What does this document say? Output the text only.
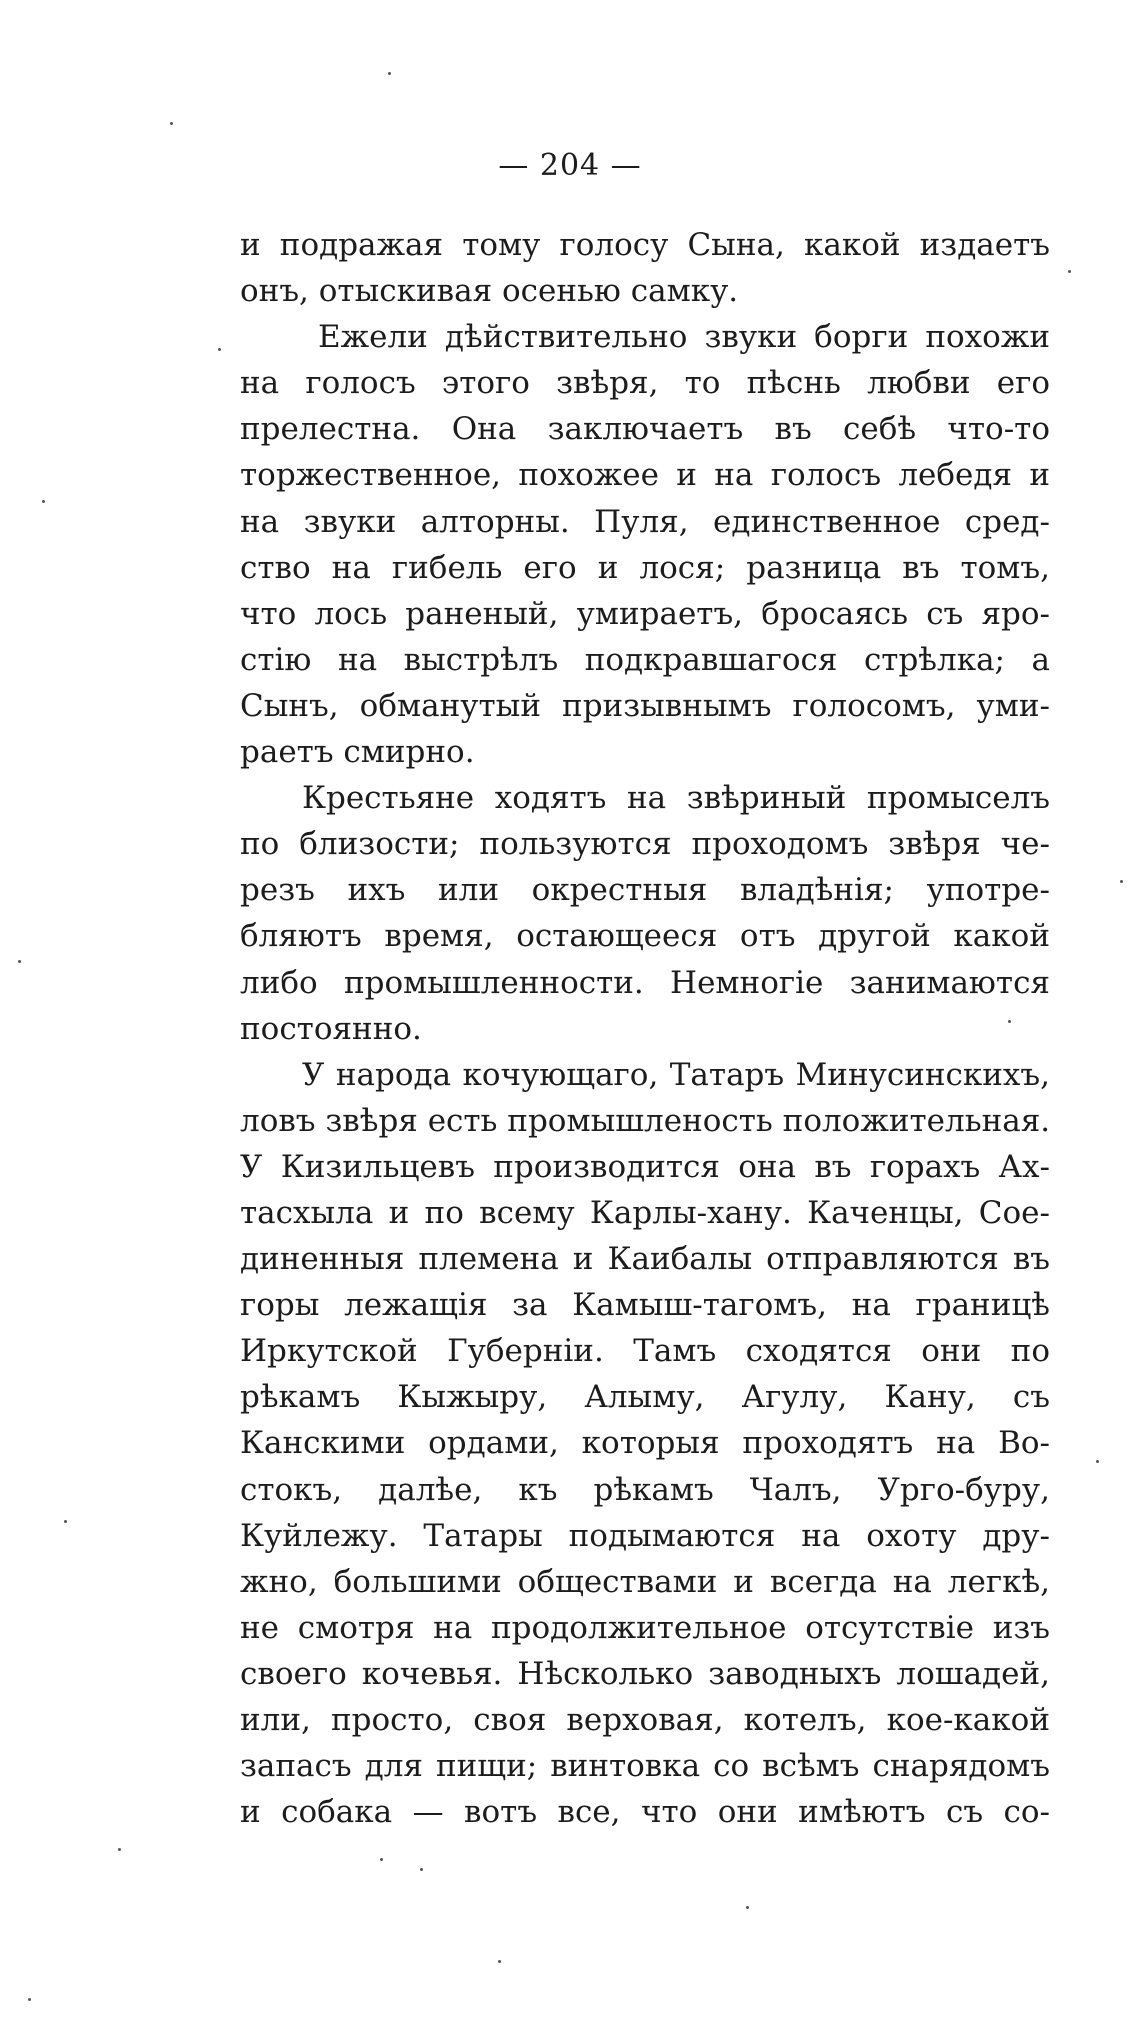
— 204 —
и подражая тому голосу Сына, какой издаетъ
онъ, отыскивая осенью самку.
Ежели дѣйствительно звуки борги похожи
на голосъ этого звѣря, то пѣснь любви его
прелестна. Она заключаетъ въ себѣ что-то
торжественное, похожее и на голосъ лебедя и
на звуки алторны. Пуля, единственное сред-
ство на гибель его и лося; разница въ томъ,
что лось раненый, умираетъ, бросаясь съ яро-
стію на выстрѣлъ подкравшагося стрѣлка; а
Сынъ, обманутый призывнымъ голосомъ, уми-
раетъ смирно.
Крестьяне ходятъ на звѣриный промыселъ
по близости; пользуются проходомъ звѣря че-
резъ ихъ или окрестныя владѣнія; употре-
бляютъ время, остающееся отъ другой какой
либо промышленности. Немногіе занимаются
постоянно.
У народа кочующаго, Татаръ Минусинскихъ,
ловъ звѣря есть промышленость положительная.
У Кизильцевъ производится она въ горахъ Ах-
тасхыла и по всему Карлы-хану. Каченцы, Сое-
диненныя племена и Каибалы отправляются въ
горы лежащія за Камыш-тагомъ, на границѣ
Иркутской Губерніи. Тамъ сходятся они по
рѣкамъ Кыжыру, Алыму, Агулу, Кану, съ
Канскими ордами, которыя проходятъ на Во-
стокъ, далѣе, къ рѣкамъ Чалъ, Урго-буру,
Куйлежу. Татары подымаются на охоту дру-
жно, большими обществами и всегда на легкѣ,
не смотря на продолжительное отсутствіе изъ
своего кочевья. Нѣсколько заводныхъ лошадей,
или, просто, своя верховая, котелъ, кое-какой
запасъ для пищи; винтовка со всѣмъ снарядомъ
и собака — вотъ все, что они имѣютъ съ со-
